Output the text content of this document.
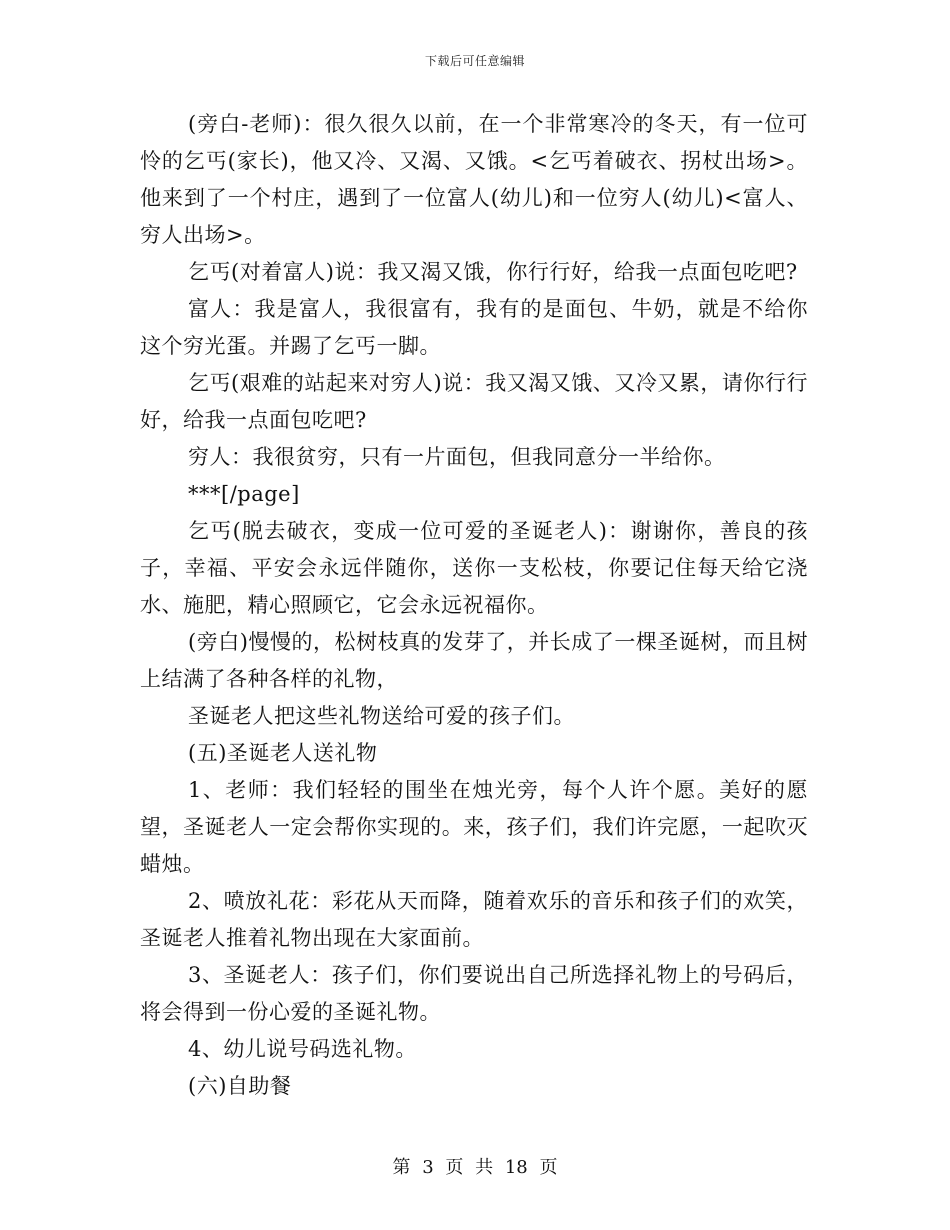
下载后可任意编辑

(旁白-老师)：很久很久以前，在一个非常寒冷的冬天，有一位可怜的乞丐(家长)，他又冷、又渴、又饿。<乞丐着破衣、拐杖出场>。他来到了一个村庄，遇到了一位富人(幼儿)和一位穷人(幼儿)<富人、穷人出场>。

乞丐(对着富人)说：我又渴又饿，你行行好，给我一点面包吃吧?

富人：我是富人，我很富有，我有的是面包、牛奶，就是不给你这个穷光蛋。并踢了乞丐一脚。

乞丐(艰难的站起来对穷人)说：我又渴又饿、又冷又累，请你行行好，给我一点面包吃吧?

穷人：我很贫穷，只有一片面包，但我同意分一半给你。

***[/page]

乞丐(脱去破衣，变成一位可爱的圣诞老人)：谢谢你，善良的孩子，幸福、平安会永远伴随你，送你一支松枝，你要记住每天给它浇水、施肥，精心照顾它，它会永远祝福你。

(旁白)慢慢的，松树枝真的发芽了，并长成了一棵圣诞树，而且树上结满了各种各样的礼物，

圣诞老人把这些礼物送给可爱的孩子们。

(五)圣诞老人送礼物

1、老师：我们轻轻的围坐在烛光旁，每个人许个愿。美好的愿望，圣诞老人一定会帮你实现的。来，孩子们，我们许完愿，一起吹灭蜡烛。

2、喷放礼花：彩花从天而降，随着欢乐的音乐和孩子们的欢笑，圣诞老人推着礼物出现在大家面前。

3、圣诞老人：孩子们，你们要说出自己所选择礼物上的号码后，将会得到一份心爱的圣诞礼物。

4、幼儿说号码选礼物。

(六)自助餐

第 3 页 共 18 页
